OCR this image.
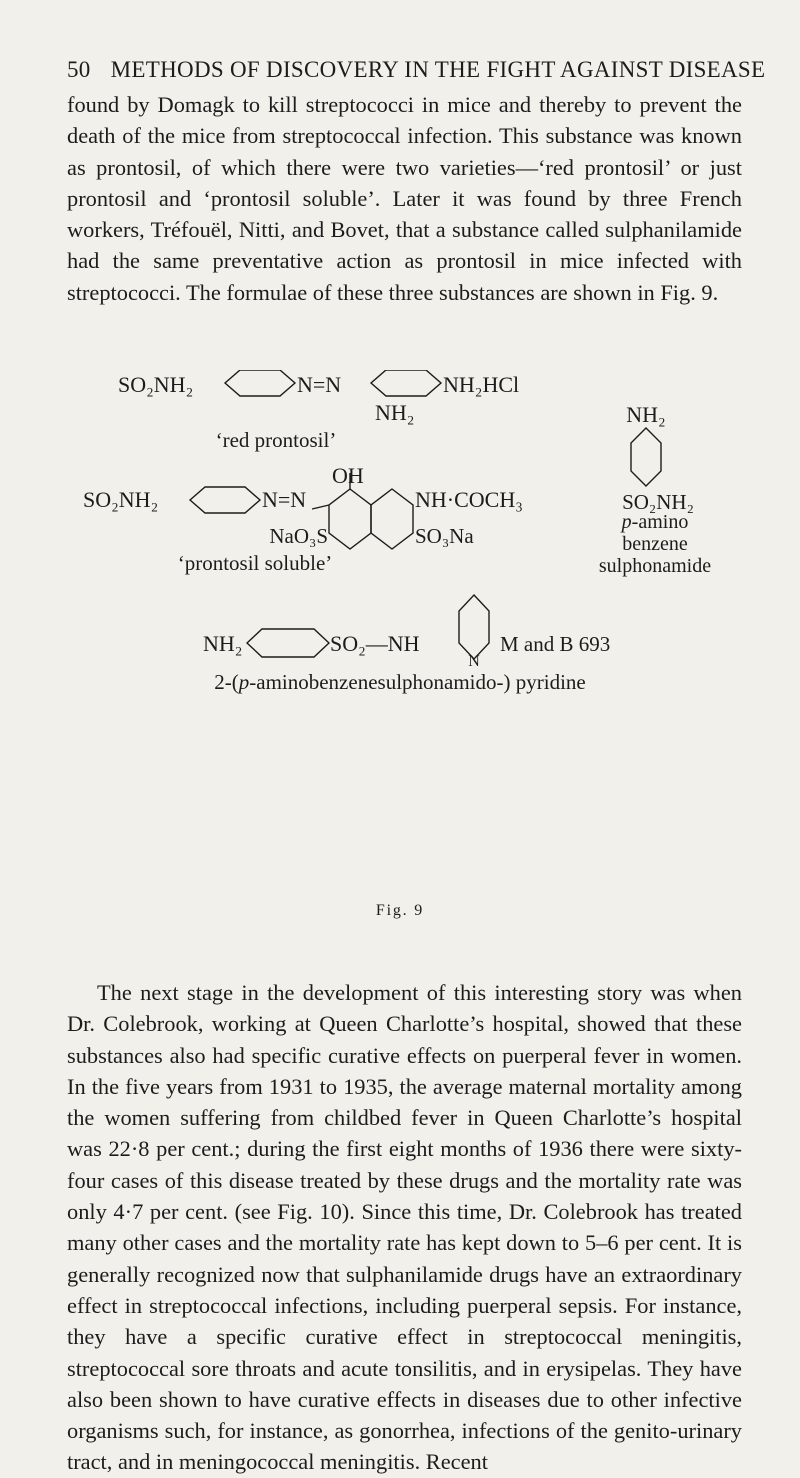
50 METHODS OF DISCOVERY IN THE FIGHT AGAINST DISEASE

found by Domagk to kill streptococci in mice and thereby to prevent the death of the mice from streptococcal infection. This substance was known as prontosil, of which there were two varieties—‘red prontosil’ or just prontosil and ‘prontosil soluble’. Later it was found by three French workers, Tréfouël, Nitti, and Bovet, that a substance called sulphanilamide had the same preventative action as prontosil in mice infected with streptococci. The formulae of these three substances are shown in Fig. 9.

SO₂NH₂	N=N	NH₂HCl
NH₂
‘red prontosil’
OH
SO₂NH₂	N=N	NH·COCH₃
NaO₃S	SO₃Na
‘prontosil soluble’
NH₂
SO₂NH₂
p-amino
benzene
sulphonamide
NH₂	SO₂—NH
N
M and B 693
2-(p-aminobenzenesulphonamido-) pyridine
Fig. 9

The next stage in the development of this interesting story was when Dr. Colebrook, working at Queen Charlotte’s hospital, showed that these substances also had specific curative effects on puerperal fever in women. In the five years from 1931 to 1935, the average maternal mortality among the women suffering from childbed fever in Queen Charlotte’s hospital was 22·8 per cent.; during the first eight months of 1936 there were sixty-four cases of this disease treated by these drugs and the mortality rate was only 4·7 per cent. (see Fig. 10). Since this time, Dr. Colebrook has treated many other cases and the mortality rate has kept down to 5–6 per cent. It is generally recognized now that sulphanilamide drugs have an extraordinary effect in streptococcal infections, including puerperal sepsis. For instance, they have a specific curative effect in streptococcal meningitis, streptococcal sore throats and acute tonsilitis, and in erysipelas. They have also been shown to have curative effects in diseases due to other infective organisms such, for instance, as gonorrhea, infections of the genito-urinary tract, and in meningococcal meningitis. Recent
